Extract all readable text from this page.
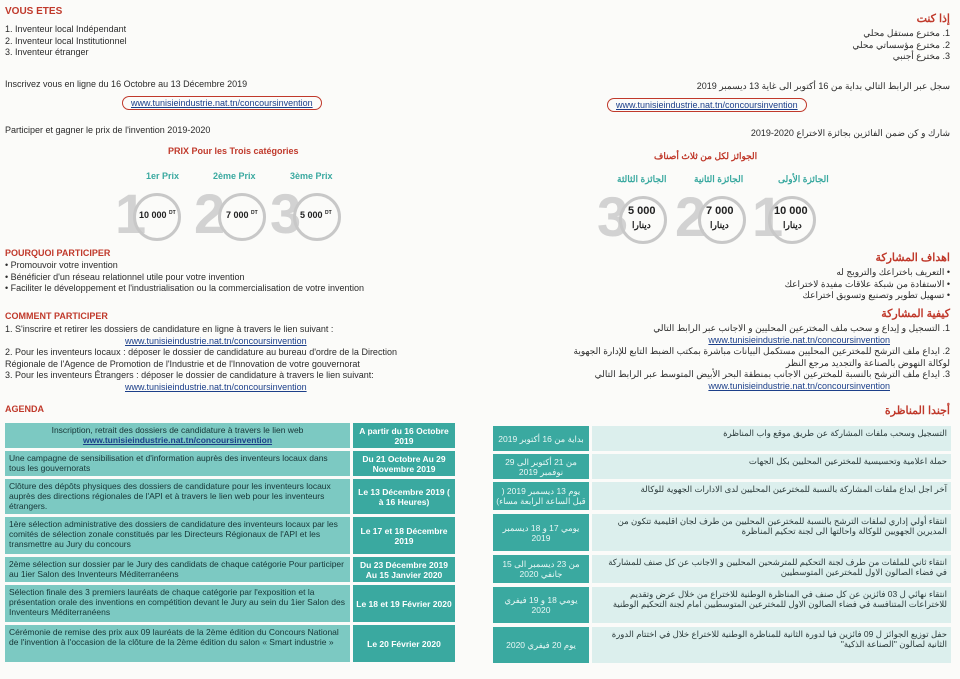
VOUS ETES
1. Inventeur local Indépendant
2. Inventeur local Institutionnel
3. Inventeur étranger
Inscrivez vous en ligne du 16 Octobre au 13 Décembre 2019
www.tunisieindustrie.nat.tn/concoursinvention
Participer et gagner le prix de l'invention 2019-2020
PRIX Pour les Trois catégories
1er Prix
1
10 000 $^{DT}$
2ème Prix
2 7 000 $^{DT}$
3ème Prix
3
5 000 $^{DT}$
POURQUOI PARTICIPER
• Promouvoir votre invention
• Bénéficier d'un réseau relationnel utile pour votre invention
• Faciliter le développement et l'industrialisation ou la commercialisation de votre invention
COMMENT PARTICIPER
1. S'inscrire et retirer les dossiers de candidature en ligne à travers le lien suivant :
www.tunisieindustrie.nat.tn/concoursinvention
2. Pour les inventeurs locaux : déposer le dossier de candidature au bureau d'ordre de la Direction
Régionale de l'Agence de Promotion de l'Industrie et de l'Innovation de votre gouvernorat
3. Pour les inventeurs Étrangers : déposer le dossier de candidature à travers le lien suivant:
www.tunisieindustrie.nat.tn/concoursinvention
AGENDA
Inscription, retrait des dossiers de candidature à travers le lien web
www.tunisieindustrie.nat.tn/concoursinvention
A partir du 16 Octobre 2019
Une campagne de sensibilisation et d'information auprès des inventeurs locaux dans tous les gouvernorats
Du 21 Octobre Au 29 Novembre 2019
Clôture des dépôts physiques des dossiers de candidature pour les inventeurs locaux auprès des directions régionales de l'API et à travers le lien web pour les inventeurs étrangers.
Le 13 Décembre 2019 ( à 16 Heures)
1ère sélection administrative des dossiers de candidature des inventeurs locaux par les comités de sélection zonale constitués par les Directeurs Régionaux de l'API et les transmettre au Jury du concours
Le 17 et 18 Décembre 2019
2ème sélection sur dossier par le Jury des candidats de chaque catégorie Pour participer au 1ier Salon des Inventeurs Méditerranéens
Du 23 Décembre 2019 Au 15 Janvier 2020
Sélection finale des 3 premiers lauréats de chaque catégorie par l'exposition et la présentation orale des inventions en compétition devant le Jury au sein du 1ier Salon des Inventeurs Méditerranéens
Le 18 et 19 Février 2020
Cérémonie de remise des prix aux 09 lauréats de la 2ème édition du Concours National de l'invention à l'occasion de la clôture de la 2ème édition du salon « Smart industrie »	Le 20 Février 2020
إذا كنت
1. مخترع مستقل محلي
2. مخترع مؤسساتي محلي
3. مخترع أجنبي
سجل عبر الرابط التالي بداية من 16 أكتوبر الى غاية 13 ديسمبر 2019
www.tunisieindustrie.nat.tn/concoursinvention
شارك و كن ضمن الفائزين بجائزة الاختراع 2020-2019
الجوائز لكل من ثلاث أصناف
الجائزة الأولى
1
10 000
دينارا
الجائزة الثانية
2 7 000
دينارا
الجائزة الثالثة
3 5 000
دينارا
اهداف المشاركة
• التعريف باختراعك والترويج له
• الاستفادة من شبكة علاقات مفيدة لاختراعك
• تسهيل تطوير وتصنيع وتسويق اختراعك
كيفية المشاركة
1. التسجيل و إيداع و سحب ملف المخترعين المحليين و الاجانب عبر الرابط التالي
www.tunisieindustrie.nat.tn/concoursinvention
2. ايداع ملف الترشح للمخترعين المحليين مستكمل البيانات مباشرة بمكتب الضبط التابع للإدارة الجهوية
لوكالة النهوض بالصناعة والتجديد مرجع النظر
3. ايداع ملف الترشح بالنسبة للمخترعين الاجانب بمنطقة البحر الأبيض المتوسط عبر الرابط التالي
www.tunisieindustrie.nat.tn/concoursinvention
أجندا المناظرة
بداية من 16 أكتوبر 2019
التسجيل وسحب ملفات المشاركة عن طريق موقع واب المناظرة
من 21 أكتوبر الى 29 نوفمبر 2019
حملة اعلامية وتحسيسية للمخترعين المحليين بكل الجهات
يوم 13 ديسمبر 2019 ( قبل الساعة الرابعة مساء)
آخر اجل ايداع ملفات المشاركة بالنسبة للمخترعين المحليين لدى الادارات الجهوية للوكالة
يومي 17 و 18 ديسمبر 2019
انتقاء أولي إداري لملفات الترشح بالنسبة للمخترعين المحليين من طرف لجان اقليمية تتكون من المديرين الجهويين للوكالة واحالتها الى لجنة تحكيم المناظرة
من 23 ديسمبر الى 15 جانفي 2020
انتقاء ثاني للملفات من طرف لجنة التحكيم للمترشحين المحليين و الاجانب عن كل صنف للمشاركة في فضاء الصالون الاول للمخترعين المتوسطيين
يومي 18 و 19 فيفري 2020
انتقاء نهائي ل 03 فائزين عن كل صنف في المناظرة الوطنية للاختراع من خلال عرض وتقديم للاختراعات المتنافسة في فضاء الصالون الاول للمخترعين المتوسطيين امام لجنة التحكيم الوطنية
يوم 20 فيفري 2020
حفل توزيع الجوائز ل 09 فائزين فيا لدورة الثانية للمناظرة الوطنية للاختراع خلال في اختتام الدورة الثانية لصالون "الصناعة الذكية"
